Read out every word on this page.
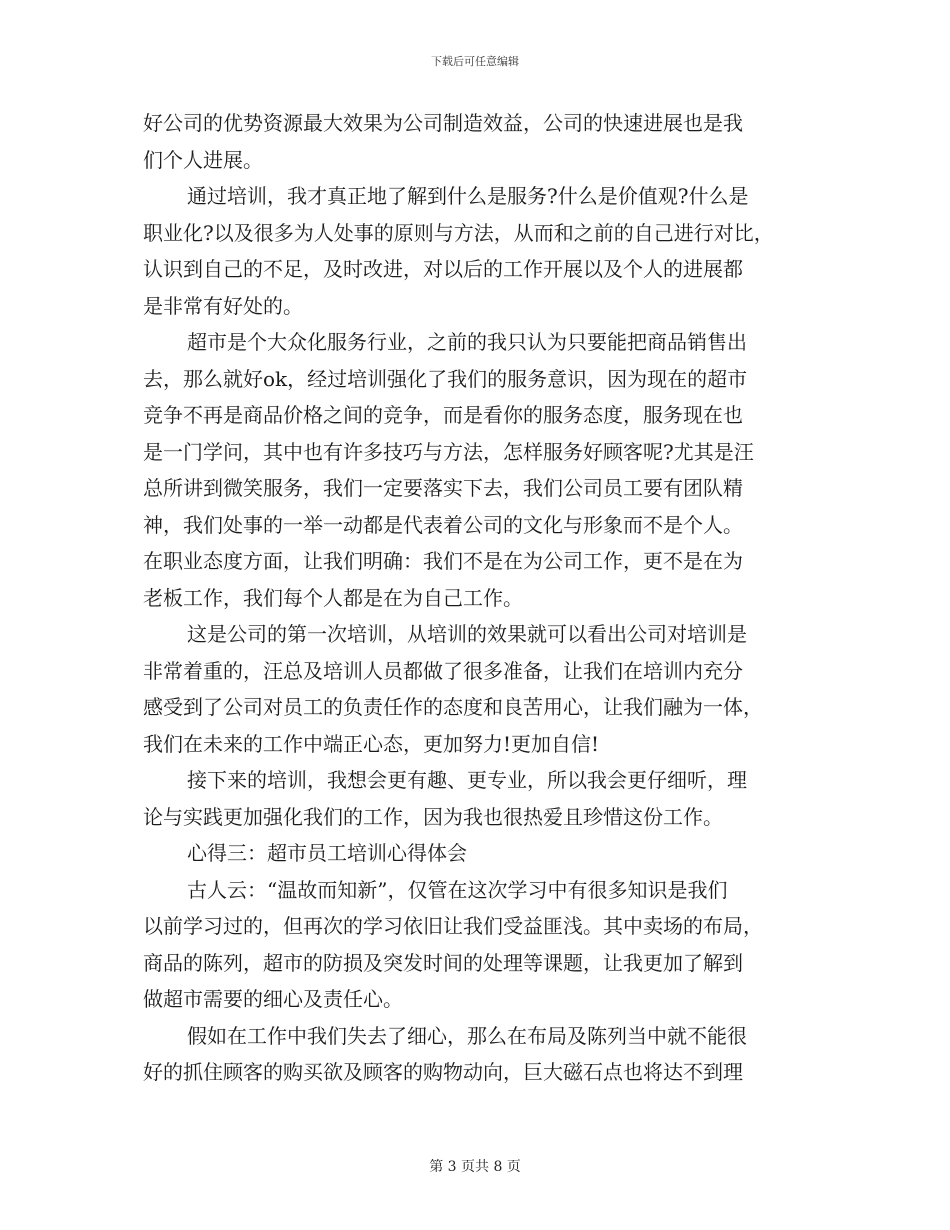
下载后可任意编辑
好公司的优势资源最大效果为公司制造效益，公司的快速进展也是我
们个人进展。
通过培训，我才真正地了解到什么是服务?什么是价值观?什么是
职业化?以及很多为人处事的原则与方法，从而和之前的自己进行对比，
认识到自己的不足，及时改进，对以后的工作开展以及个人的进展都
是非常有好处的。
超市是个大众化服务行业，之前的我只认为只要能把商品销售出
去，那么就好ok，经过培训强化了我们的服务意识，因为现在的超市
竞争不再是商品价格之间的竞争，而是看你的服务态度，服务现在也
是一门学问，其中也有许多技巧与方法，怎样服务好顾客呢?尤其是汪
总所讲到微笑服务，我们一定要落实下去，我们公司员工要有团队精
神，我们处事的一举一动都是代表着公司的文化与形象而不是个人。
在职业态度方面，让我们明确：我们不是在为公司工作，更不是在为
老板工作，我们每个人都是在为自己工作。
这是公司的第一次培训，从培训的效果就可以看出公司对培训是
非常着重的，汪总及培训人员都做了很多准备，让我们在培训内充分
感受到了公司对员工的负责任作的态度和良苦用心，让我们融为一体，
我们在未来的工作中端正心态，更加努力!更加自信!
接下来的培训，我想会更有趣、更专业，所以我会更仔细听，理
论与实践更加强化我们的工作，因为我也很热爱且珍惜这份工作。
心得三：超市员工培训心得体会
古人云：“温故而知新”，仅管在这次学习中有很多知识是我们
以前学习过的，但再次的学习依旧让我们受益匪浅。其中卖场的布局，
商品的陈列，超市的防损及突发时间的处理等课题，让我更加了解到
做超市需要的细心及责任心。
假如在工作中我们失去了细心，那么在布局及陈列当中就不能很
好的抓住顾客的购买欲及顾客的购物动向，巨大磁石点也将达不到理
第 3 页共 8 页
